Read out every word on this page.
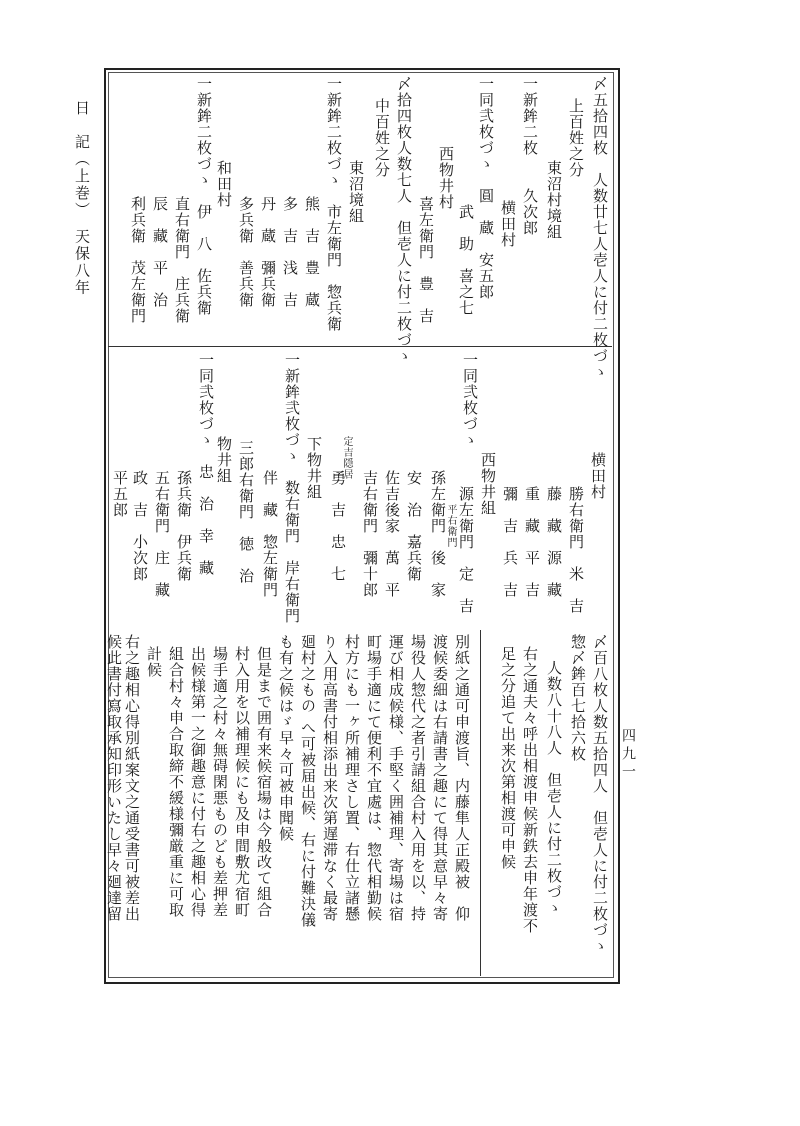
日　記（上巻）　天保八年
四九一
〆五拾四枚　人数廿七人壱人に付二枚づゝ
上百姓之分
東沼村境組
一新鉾二枚　　久次郎
横田村
一同弐枚づゝ　圓　蔵　安五郎
武　助　喜之七
西物井村
喜左衛門　豊　吉
〆拾四枚人数七人　但壱人に付二枚づゝ
中百姓之分
東沼境組
一新鉾二枚づゝ　市左衛門　惣兵衛
熊　吉　豊　蔵
多　吉　浅　吉
丹　蔵　彌兵衛
多兵衛　善兵衛
和田村
一新鉾二枚づゝ　伊　八　佐兵衛
直右衛門　庄兵衛
辰　藏　平　治
利兵衛　茂左衛門
横田村
勝右衛門　米　吉
藤　藏　源　藏
重　藏　平　吉
彌　吉　兵　吉
西物井組
源左衛門　定　吉
一同弐枚づゝ
孫左衛門　後　家
平右衛門
安　治　嘉兵衛
佐吉後家　萬　平
吉右衛門　彌十郎
勇　吉　忠　七
定吉隠居
下物井組
一新鉾弐枚づゝ　数右衛門　岸右衛門
伴　藏　惣左衛門
三郎右衛門　徳　治
物井組
一同弐枚づゝ　忠　治　幸　藏
孫兵衛　伊兵衛
五右衛門　庄　藏
政　吉　小次郎
平五郎
〆百八枚人数五拾四人　但壱人に付二枚づゝ
惣〆鉾百七拾六枚
人数八十八人　但壱人に付二枚づゝ
右之通夫々呼出相渡申候新鉄去申年渡不
足之分追て出来次第相渡可申候
別紙之通可申渡旨、内藤隼人正殿被　仰
渡候委細は右請書之趣にて得其意早々寄
場役人惣代之者引請組合村入用を以、持
運び相成候様、手堅く囲補理、寄場は宿
町場手適にて便利不宜處は、惣代相勤候
村方にも一ヶ所補理さし置、右仕立諸懸
り入用高書付相添出来次第遅滞なく最寄
廻村之もの へ可被届出候、右に付難決儀
も有之候はゞ早々可被申聞候
但是まで囲有来候宿場は今般改て組合
村入用を以補理候にも及申間敷尤宿町
場手適之村々無碍閑悪ものども差押差
出候様第一之御趣意に付右之趣相心得
組合村々申合取締不緩様彌厳重に可取
計候
右之趣相心得別紙案文之通受書可被差出
候此書付寫取承知印形いたし早々廻達留
